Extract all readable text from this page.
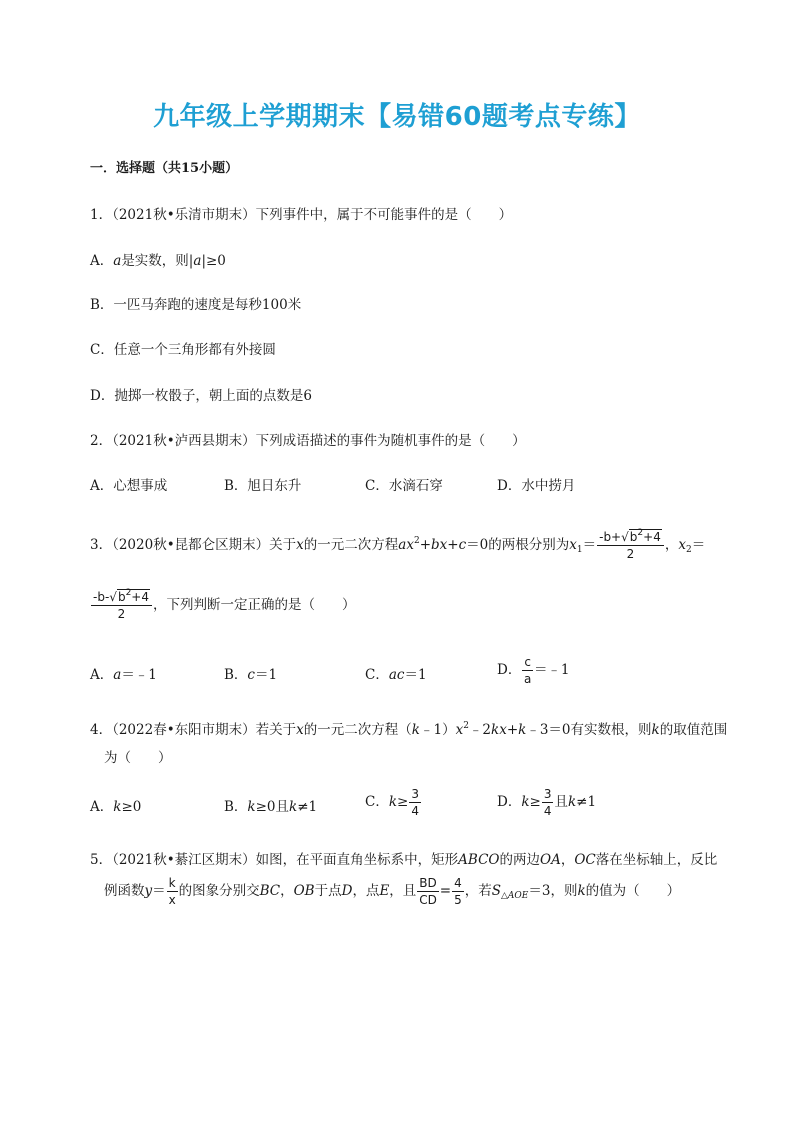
九年级上学期期末【易错60题考点专练】
一．选择题（共15小题）
1．（2021秋•乐清市期末）下列事件中，属于不可能事件的是（　　）
A．a是实数，则|a|≥0
B．一匹马奔跑的速度是每秒100米
C．任意一个三角形都有外接圆
D．抛掷一枚骰子，朝上面的点数是6
2．（2021秋•泸西县期末）下列成语描述的事件为随机事件的是（　　）
A．心想事成	B．旭日东升	C．水滴石穿	D．水中捞月
3．（2020秋•昆都仑区期末）关于x的一元二次方程$ax^2+bx+c=0$的两根分别为$x_1= \frac{-b+√b^2+4}{2}$ ，$x_2=$
$\frac{-b-√b^2+4}{2}$ ，下列判断一定正确的是（　　）
A．a＝﹣1	B．c＝1	C．ac＝1	D． $\frac{c}{a}$ ＝﹣1
4．（2022春•东阳市期末）若关于x的一元二次方程$(k﹣1)x^2﹣2kx+k﹣3=0$有实数根，则k的取值范围
为（　　）
A．k≥0	B．k≥0且k≠1	C．$k\ge \frac{3}{4}$	D．$k\ge \frac{3}{4}$ 且k≠1
5．（2021秋•綦江区期末）如图，在平面直角坐标系中，矩形ABCO的两边OA，OC落在坐标轴上，反比
例函数$y= \frac{k}{x}$ 的图象分别交BC，OB于点D，点E，且 $\frac{BD}{CD} = \frac{4}{5}$ ，若$S_{\triangle AOE}=3$，则k的值为（　　）
